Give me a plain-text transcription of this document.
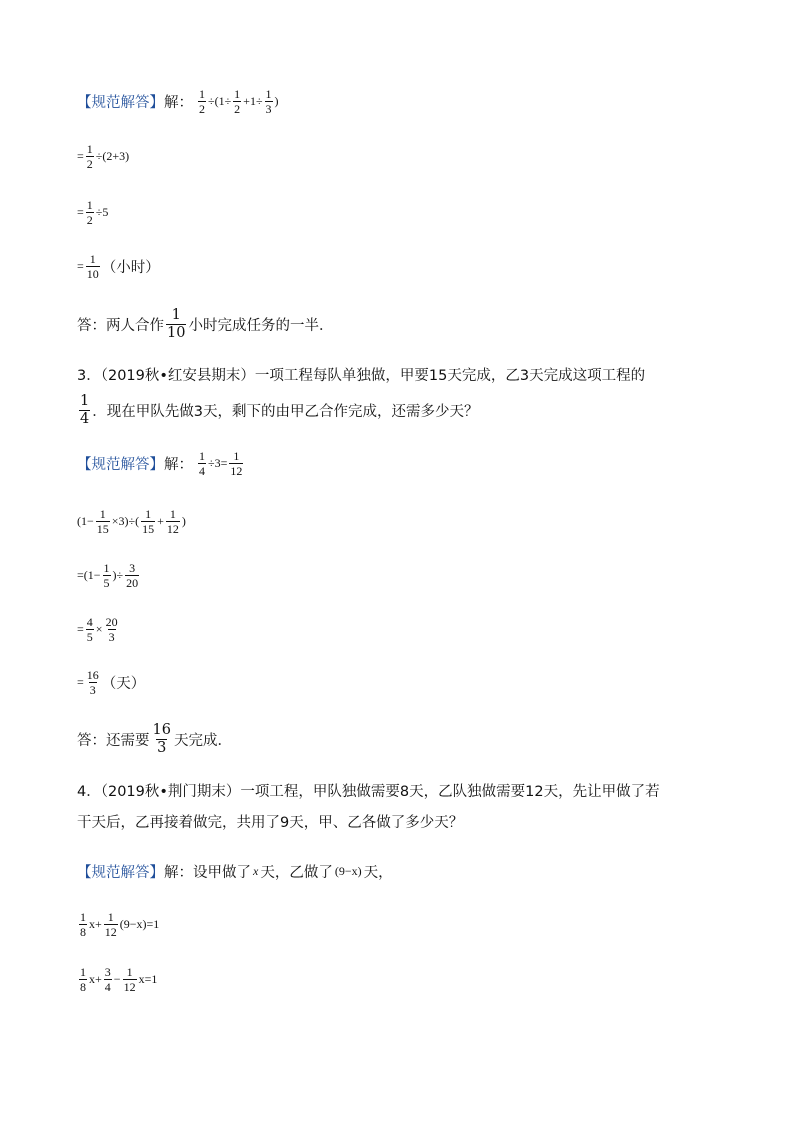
【规范解答】 解： $\frac{1}{2} \div(1\div \frac{1}{2} +1\div \frac{1}{3}$ )
= $\frac{1}{2} \div(2+3)$
= $\frac{1}{2} \div 5$
= $\frac{1}{10}$ （小时）
答：两人合作 $\frac{1}{10}$ 小时完成任务的一半．
3．（2019秋•红安县期末）一项工程每队单独做，甲要15天完成，乙3天完成这项工程的
$\frac{1}{4}$ ．现在甲队先做3天，剩下的由甲乙合作完成，还需多少天？
【规范解答】 解： $\frac{1}{4} \div 3= \frac{1}{12}$
$(1- \frac{1}{15} \times 3)\div( \frac{1}{15} + \frac{1}{12}$ )
$=(1- \frac{1}{5}$ )÷ $\frac{3}{20}$
= $\frac{4}{5} \times \frac{20}{3}$
= $\frac{16}{3}$ （天）
答：还需要 $\frac{16}{3}$ 天完成．
4．（2019秋•荆门期末）一项工程，甲队独做需要8天，乙队独做需要12天，先让甲做了若
干天后，乙再接着做完，共用了9天，甲、乙各做了多少天？
【规范解答】 解： 设甲做了 x 天，乙做了 (9−x) 天，
$\frac{1}{8} x+ \frac{1}{12} (9-x)=1$
$\frac{1}{8} x+ \frac{3}{4} - \frac{1}{12} x=1$
